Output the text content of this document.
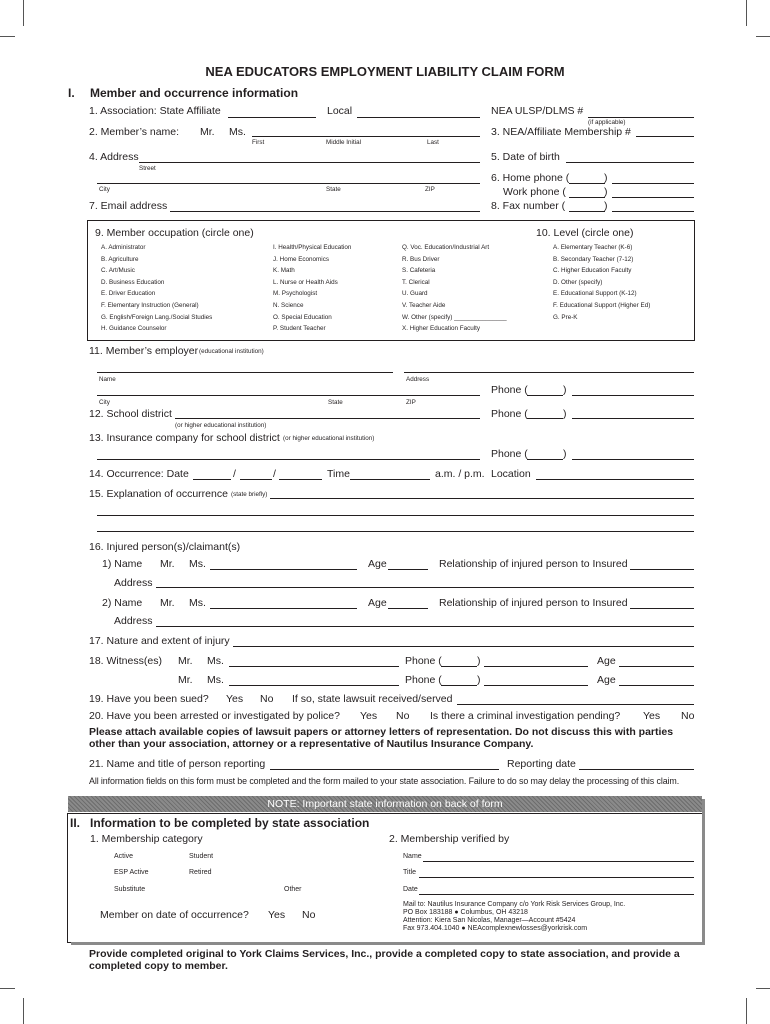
NEA EDUCATORS EMPLOYMENT LIABILITY CLAIM FORM
I. Member and occurrence information
1. Association: State Affiliate	Local	NEA ULSP/DLMS #
(if applicable)
2. Member’s name: Mr. Ms.
First	Middle Initial	Last
3. NEA/Affiliate Membership #
4. Address
Street
5. Date of birth
City	State	ZIP
6. Home phone (	)
Work phone (	)
7. Email address	8. Fax number (	)
9. Member occupation (circle one)	10. Level (circle one)
A. Administrator
B. Agriculture
C. Art/Music
D. Business Education
E. Driver Education
F. Elementary Instruction (General)
G. English/Foreign Lang./Social Studies
H. Guidance Counselor
I. Health/Physical Education
J. Home Economics
K. Math
L. Nurse or Health Aids
M. Psychologist
N. Science
O. Special Education
P. Student Teacher
Q. Voc. Education/Industrial Art
R. Bus Driver
S. Cafeteria
T. Clerical
U. Guard
V. Teacher Aide
W. Other (specify) _______________
X. Higher Education Faculty
A. Elementary Teacher (K-6)
B. Secondary Teacher (7-12)
C. Higher Education Faculty
D. Other (specify)
E. Educational Support (K-12)
F. Educational Support (Higher Ed)
G. Pre-K
11. Member’s employer (educational institution)
Name	Address
Phone (	)
City	State	ZIP
12. School district
(or higher educational institution)
Phone (	)
13. Insurance company for school district (or higher educational institution)
Phone (	)
14. Occurrence: Date	/	/	Time	a.m. / p.m. Location
15. Explanation of occurrence (state briefly)
16. Injured person(s)/claimant(s)
1) Name Mr. Ms.	Age	Relationship of injured person to Insured
Address
2) Name Mr. Ms.	Age	Relationship of injured person to Insured
Address
17. Nature and extent of injury
18. Witness(es) Mr. Ms.	Phone (	)	Age
Mr. Ms.	Phone (	)	Age
19. Have you been sued? Yes No If so, state lawsuit received/served
20. Have you been arrested or investigated by police? Yes No Is there a criminal investigation pending? Yes No
Please attach available copies of lawsuit papers or attorney letters of representation. Do not discuss this with parties
other than your association, attorney or a representative of Nautilus Insurance Company.
21. Name and title of person reporting	Reporting date
All information fields on this form must be completed and the form mailed to your state association. Failure to do so may delay the processing of this claim.
NOTE: Important state information on back of form
II. Information to be completed by state association
1. Membership category	2. Membership verified by
Active	Student
ESP Active	Retired
Substitute	Other
Name
Title
Date
Member on date of occurrence? Yes No
Mail to: Nautilus Insurance Company c/o York Risk Services Group, Inc.
PO Box 183188 ● Columbus, OH 43218
Attention: Kiera San Nicolas, Manager—Account #5424
Fax 973.404.1040 ● NEAcomplexnewlosses@yorkrisk.com
Provide completed original to York Claims Services, Inc., provide a completed copy to state association, and provide a
completed copy to member.
